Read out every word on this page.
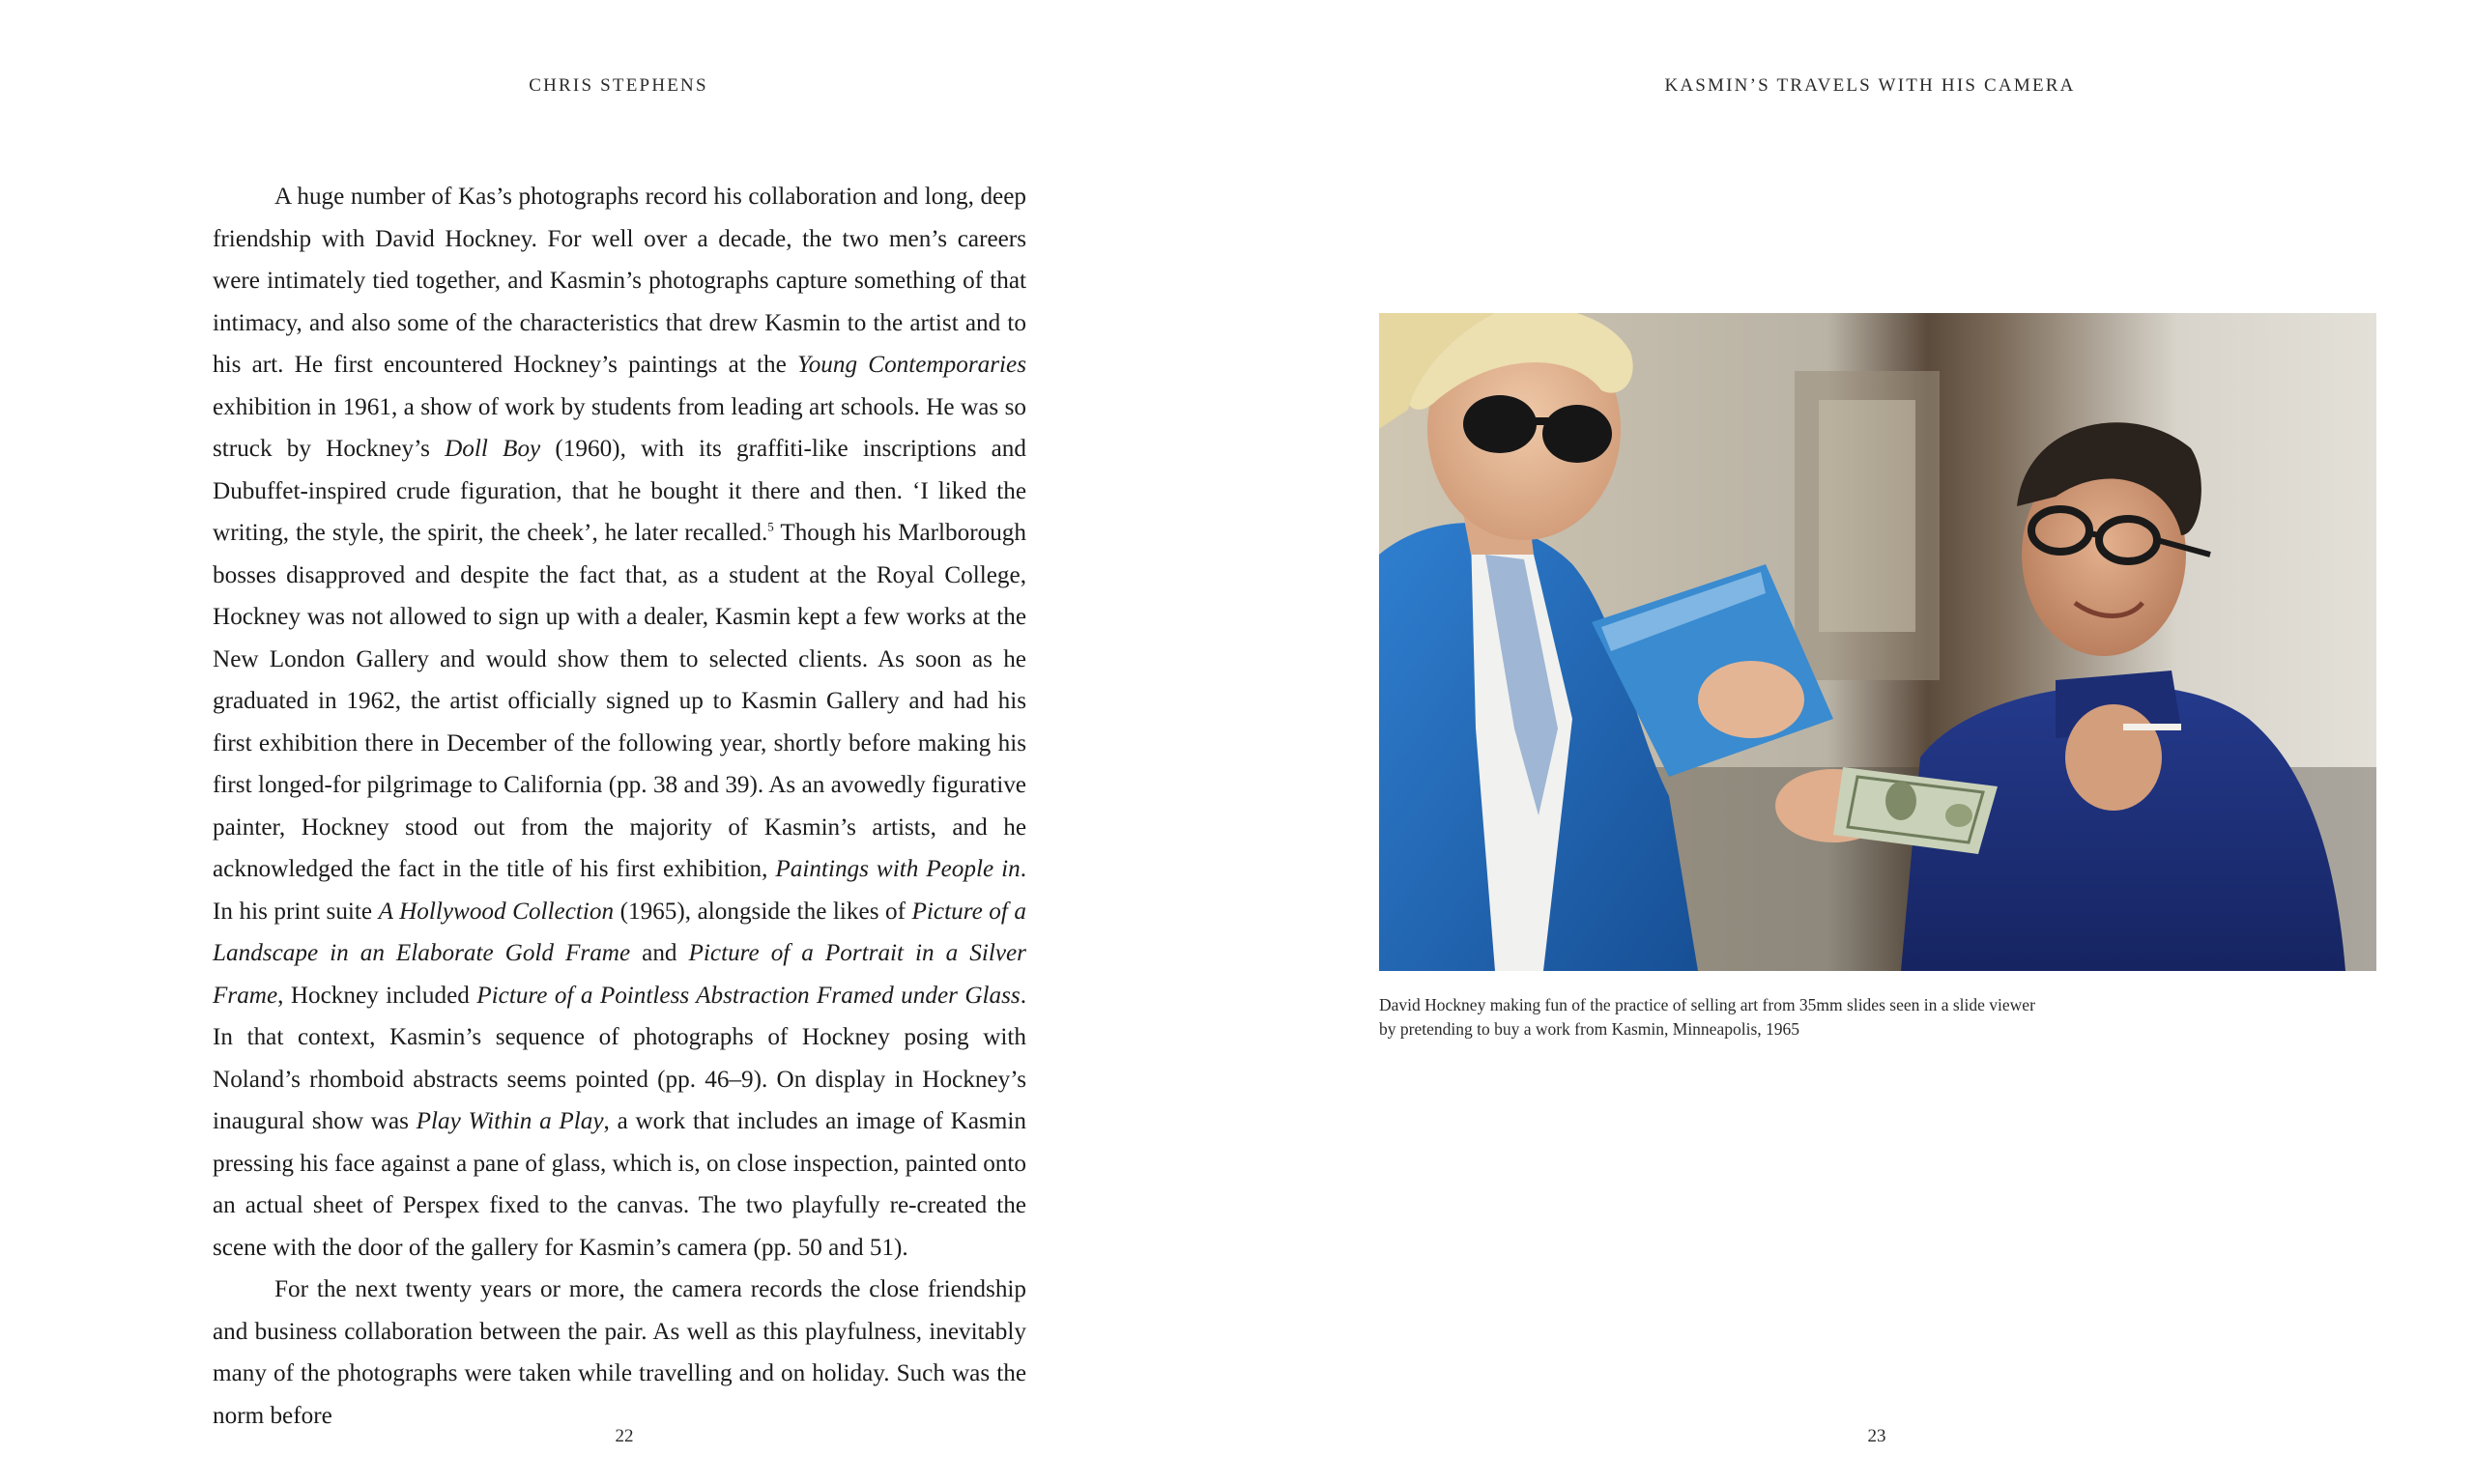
CHRIS STEPHENS

A huge number of Kas’s photographs record his collaboration and long, deep friendship with David Hockney. For well over a decade, the two men’s careers were intimately tied together, and Kasmin’s photographs capture something of that intimacy, and also some of the characteristics that drew Kasmin to the artist and to his art. He first encountered Hockney’s paintings at the Young Contemporaries exhibition in 1961, a show of work by students from leading art schools. He was so struck by Hockney’s Doll Boy (1960), with its graffiti-like inscriptions and Dubuffet-inspired crude figuration, that he bought it there and then. ‘I liked the writing, the style, the spirit, the cheek’, he later recalled.$^5$ Though his Marlborough bosses disapproved and despite the fact that, as a student at the Royal College, Hockney was not allowed to sign up with a dealer, Kasmin kept a few works at the New London Gallery and would show them to selected clients. As soon as he graduated in 1962, the artist officially signed up to Kasmin Gallery and had his first exhibition there in December of the following year, shortly before making his first longed-for pilgrimage to California (pp. 38 and 39). As an avowedly figurative painter, Hockney stood out from the majority of Kasmin’s artists, and he acknowledged the fact in the title of his first exhibition, Paintings with People in. In his print suite A Hollywood Collection (1965), alongside the likes of Picture of a Landscape in an Elaborate Gold Frame and Picture of a Portrait in a Silver Frame, Hockney included Picture of a Pointless Abstraction Framed under Glass. In that context, Kasmin’s sequence of photographs of Hockney posing with Noland’s rhomboid abstracts seems pointed (pp. 46–9). On display in Hockney’s inaugural show was Play Within a Play, a work that includes an image of Kasmin pressing his face against a pane of glass, which is, on close inspection, painted onto an actual sheet of Perspex fixed to the canvas. The two playfully re-created the scene with the door of the gallery for Kasmin’s camera (pp. 50 and 51).

For the next twenty years or more, the camera records the close friendship and business collaboration between the pair. As well as this playfulness, inevitably many of the photographs were taken while travelling and on holiday. Such was the norm before

22
KASMIN’S TRAVELS WITH HIS CAMERA

David Hockney making fun of the practice of selling art from 35mm slides seen in a slide viewer
by pretending to buy a work from Kasmin, Minneapolis, 1965

23
